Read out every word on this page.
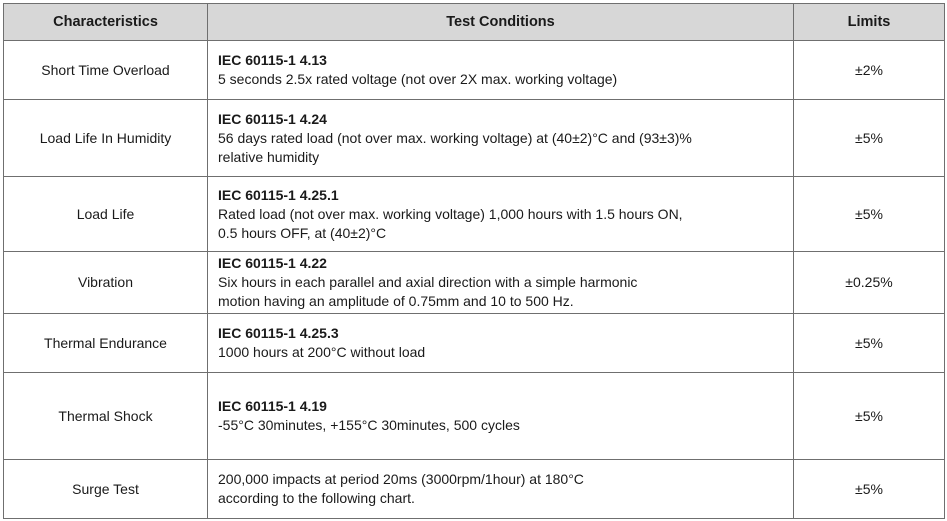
Characteristics	Test Conditions	Limits
Short Time Overload	IEC 60115-1 4.13
5 seconds 2.5x rated voltage (not over 2X max. working voltage)	±2%
Load Life In Humidity	IEC 60115-1 4.24
56 days rated load (not over max. working voltage) at (40±2)°C and (93±3)%
relative humidity	±5%
Load Life	IEC 60115-1 4.25.1
Rated load (not over max. working voltage) 1,000 hours with 1.5 hours ON,
0.5 hours OFF, at (40±2)°C	±5%
Vibration	IEC 60115-1 4.22
Six hours in each parallel and axial direction with a simple harmonic
motion having an amplitude of 0.75mm and 10 to 500 Hz.	±0.25%
Thermal Endurance	IEC 60115-1 4.25.3
1000 hours at 200°C without load	±5%
Thermal Shock	IEC 60115-1 4.19
-55°C 30minutes, +155°C 30minutes, 500 cycles	±5%
Surge Test	200,000 impacts at period 20ms (3000rpm/1hour) at 180°C
according to the following chart.	±5%
